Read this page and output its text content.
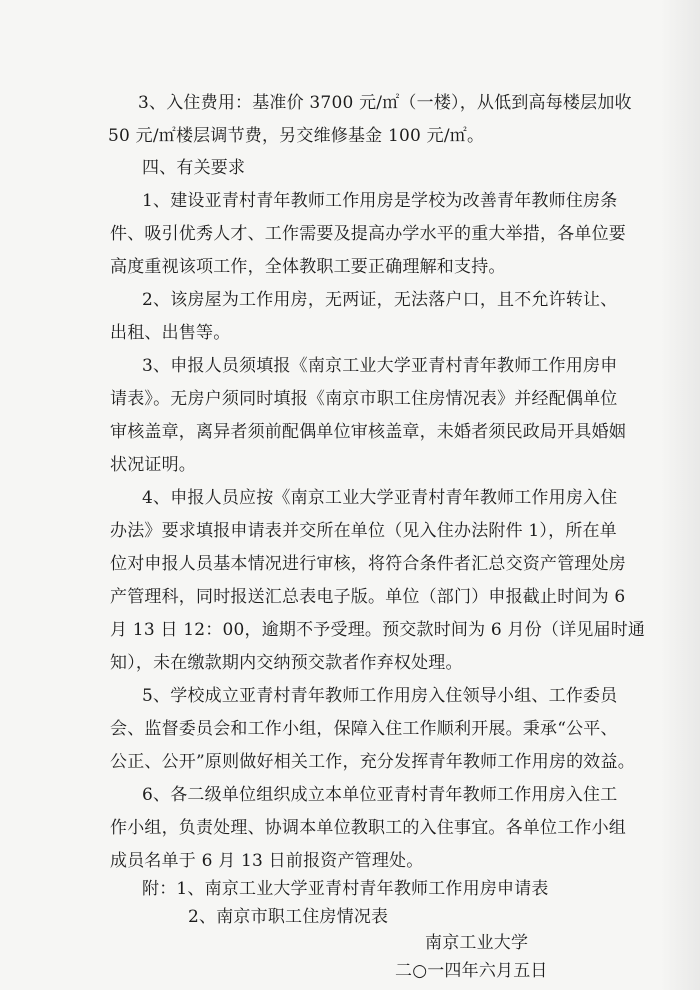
3、入住费用：基准价 3700 元/㎡（一楼），从低到高每楼层加收
50 元/㎡楼层调节费，另交维修基金 100 元/㎡。
四、有关要求
1、建设亚青村青年教师工作用房是学校为改善青年教师住房条
件、吸引优秀人才、工作需要及提高办学水平的重大举措，各单位要
高度重视该项工作，全体教职工要正确理解和支持。
2、该房屋为工作用房，无两证，无法落户口，且不允许转让、
出租、出售等。
3、申报人员须填报《南京工业大学亚青村青年教师工作用房申
请表》。无房户须同时填报《南京市职工住房情况表》并经配偶单位
审核盖章，离异者须前配偶单位审核盖章，未婚者须民政局开具婚姻
状况证明。
4、申报人员应按《南京工业大学亚青村青年教师工作用房入住
办法》要求填报申请表并交所在单位（见入住办法附件 1），所在单
位对申报人员基本情况进行审核，将符合条件者汇总交资产管理处房
产管理科，同时报送汇总表电子版。单位（部门）申报截止时间为 6
月 13 日 12：00，逾期不予受理。预交款时间为 6 月份（详见届时通
知），未在缴款期内交纳预交款者作弃权处理。
5、学校成立亚青村青年教师工作用房入住领导小组、工作委员
会、监督委员会和工作小组，保障入住工作顺利开展。秉承“公平、
公正、公开”原则做好相关工作，充分发挥青年教师工作用房的效益。
6、各二级单位组织成立本单位亚青村青年教师工作用房入住工
作小组，负责处理、协调本单位教职工的入住事宜。各单位工作小组
成员名单于 6 月 13 日前报资产管理处。
附：1、南京工业大学亚青村青年教师工作用房申请表
2、南京市职工住房情况表
南京工业大学
二○一四年六月五日
